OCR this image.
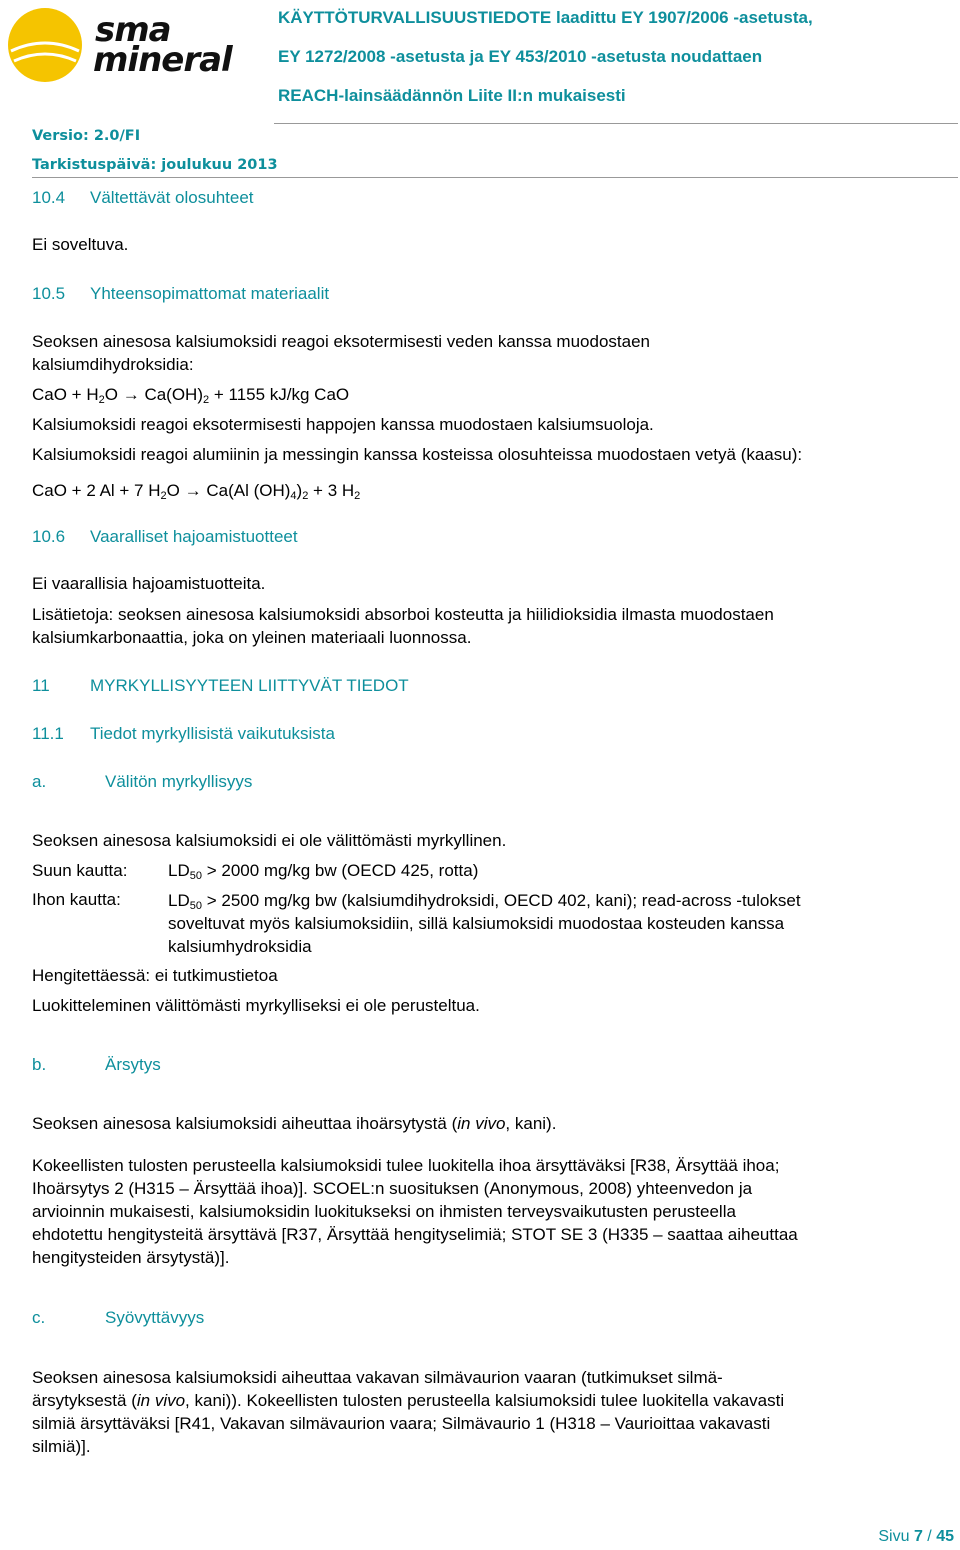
sma
mineral
KÄYTTÖTURVALLISUUSTIEDOTE laadittu EY 1907/2006 -asetusta,
EY 1272/2008 -asetusta ja EY 453/2010 -asetusta noudattaen
REACH-lainsäädännön Liite II:n mukaisesti
Versio: 2.0/FI
Tarkistuspäivä: joulukuu 2013
10.4 Vältettävät olosuhteet
Ei soveltuva.
10.5 Yhteensopimattomat materiaalit
Seoksen ainesosa kalsiumoksidi reagoi eksotermisesti veden kanssa muodostaen
kalsiumdihydroksidia:
CaO + $H_2O \to Ca(OH)_2 + 1155$ kJ/kg CaO
Kalsiumoksidi reagoi eksotermisesti happojen kanssa muodostaen kalsiumsuoloja.
Kalsiumoksidi reagoi alumiinin ja messingin kanssa kosteissa olosuhteissa muodostaen vetyä (kaasu):
CaO + 2 Al + 7 $H_2O \to Ca(Al$ $(OH)_4)_2 + 3$ $H_2$
10.6 Vaaralliset hajoamistuotteet
Ei vaarallisia hajoamistuotteita.
Lisätietoja: seoksen ainesosa kalsiumoksidi absorboi kosteutta ja hiilidioksidia ilmasta muodostaen
kalsiumkarbonaattia, joka on yleinen materiaali luonnossa.
11 MYRKYLLISYYTEEN LIITTYVÄT TIEDOT
11.1 Tiedot myrkyllisistä vaikutuksista
a.	Välitön myrkyllisyys
Seoksen ainesosa kalsiumoksidi ei ole välittömästi myrkyllinen.
Suun kautta: $LD_{50} > 2000$ mg/kg bw (OECD 425, rotta)
Ihon kautta:	$LD_{50} > 2500$ mg/kg bw (kalsiumdihydroksidi, OECD 402, kani); read-across -tulokset
soveltuvat myös kalsiumoksidiin, sillä kalsiumoksidi muodostaa kosteuden kanssa
kalsiumhydroksidia
Hengitettäessä: ei tutkimustietoa
Luokitteleminen välittömästi myrkylliseksi ei ole perusteltua.
b.	Ärsytys
Seoksen ainesosa kalsiumoksidi aiheuttaa ihoärsytystä (in vivo, kani).
Kokeellisten tulosten perusteella kalsiumoksidi tulee luokitella ihoa ärsyttäväksi [R38, Ärsyttää ihoa;
Ihoärsytys 2 (H315 – Ärsyttää ihoa)]. SCOEL:n suosituksen (Anonymous, 2008) yhteenvedon ja
arvioinnin mukaisesti, kalsiumoksidin luokitukseksi on ihmisten terveysvaikutusten perusteella
ehdotettu hengitysteitä ärsyttävä [R37, Ärsyttää hengityselimiä; STOT SE 3 (H335 – saattaa aiheuttaa
hengitysteiden ärsytystä)].
c.	Syövyttävyys
Seoksen ainesosa kalsiumoksidi aiheuttaa vakavan silmävaurion vaaran (tutkimukset silmä-
ärsytyksestä (in vivo, kani)). Kokeellisten tulosten perusteella kalsiumoksidi tulee luokitella vakavasti
silmiä ärsyttäväksi [R41, Vakavan silmävaurion vaara; Silmävaurio 1 (H318 – Vaurioittaa vakavasti
silmiä)].
Sivu 7 / 45
